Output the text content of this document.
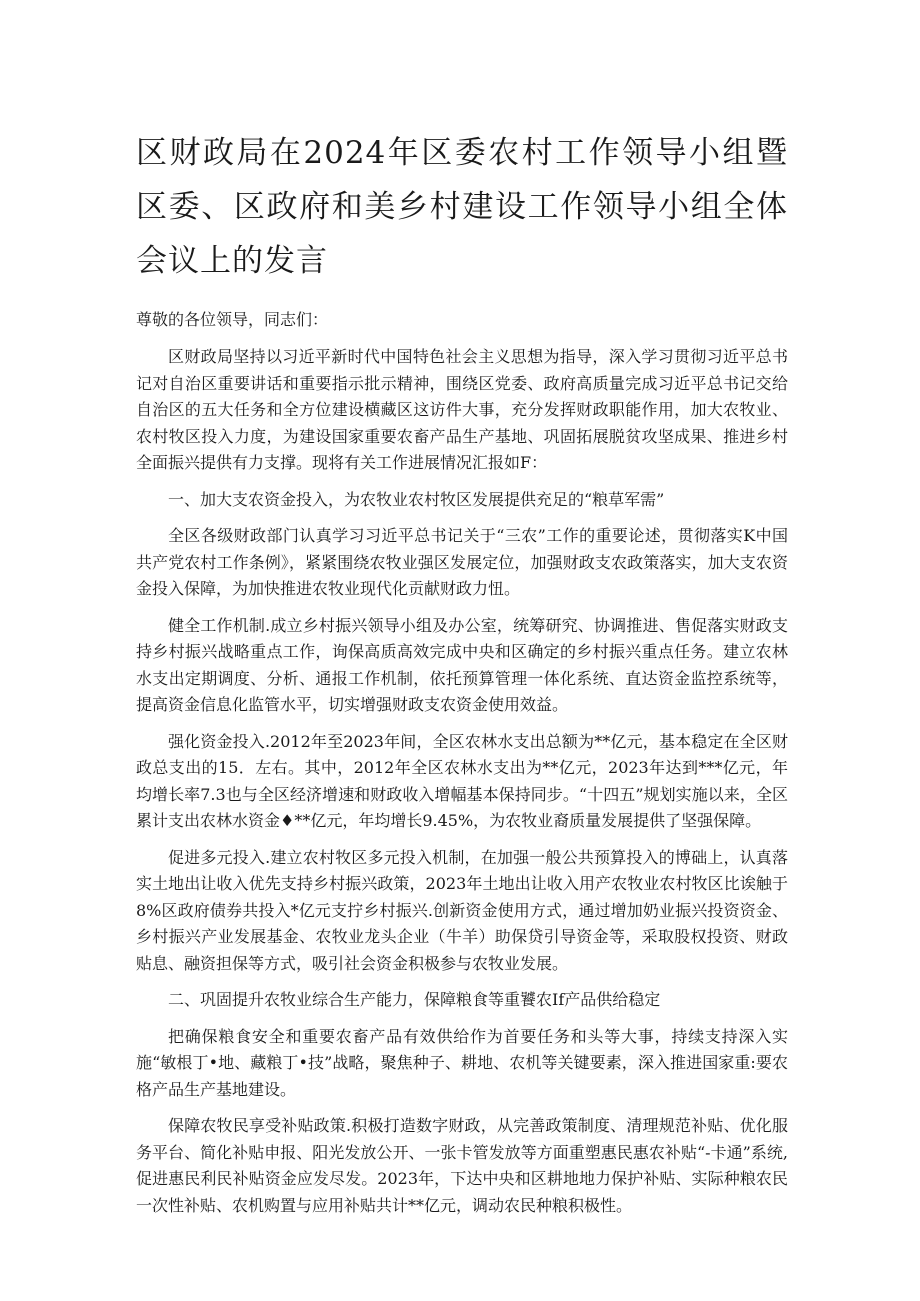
区财政局在2024年区委农村工作领导小组暨区委、区政府和美乡村建设工作领导小组全体会议上的发言

尊敬的各位领导，同志们：

区财政局坚持以习近平新时代中国特色社会主义思想为指导，深入学习贯彻习近平总书记对自治区重要讲话和重要指示批示精神，围绕区党委、政府高质量完成习近平总书记交给自治区的五大任务和全方位建设横藏区这访件大事，充分发挥财政职能作用，加大农牧业、农村牧区投入力度，为建设国家重要农畜产品生产基地、巩固拓展脱贫攻坚成果、推进乡村全面振兴提供有力支撑。现将有关工作进展情况汇报如F：

一、加大支农资金投入，为农牧业农村牧区发展提供充足的“粮草军需”

全区各级财政部门认真学习习近平总书记关于“三农”工作的重要论述，贯彻落实K中国共产党农村工作条例》，紧紧围绕农牧业强区发展定位，加强财政支农政策落实，加大支农资金投入保障，为加快推进农牧业现代化贡献财政力忸。

健全工作机制.成立乡村振兴领导小组及办公室，统筹研究、协调推进、售促落实财政支持乡村振兴战略重点工作，询保高质高效完成中央和区确定的乡村振兴重点任务。建立农林水支出定期调度、分析、通报工作机制，依托预算管理一体化系统、直达资金监控系统等，提高资金信息化监管水平，切实增强财政支农资金使用效益。

强化资金投入.2012年至2023年间，全区农林水支出总额为**亿元，基本稳定在全区财政总支出的15．左右。其中，2012年全区农林水支出为**亿元，2023年达到***亿元，年均增长率7.3也与全区经济增速和财政收入增幅基本保持同步。“十四五”规划实施以来，全区累计支出农林水资金♦**亿元，年均增长9.45%，为农牧业裔质量发展提供了坚强保障。

促进多元投入.建立农村牧区多元投入机制，在加强一般公共预算投入的博础上，认真落实土地出让收入优先支持乡村振兴政策，2023年土地出让收入用产农牧业农村牧区比诶触于8%区政府债券共投入*亿元支拧乡村振兴.创新资金使用方式，通过增加奶业振兴投资资金、乡村振兴产业发展基金、农牧业龙头企业（牛羊）助保贷引导资金等，采取股权投资、财政贴息、融资担保等方式，吸引社会资金积极参与农牧业发展。

二、巩固提升农牧业综合生产能力，保障粮食等重饕农If产品供给稳定

把确保粮食安全和重要农畜产品有效供给作为首要任务和头等大事，持续支持深入实施“敏根丁•地、藏粮丁•技”战略，聚焦种子、耕地、农机等关键要素，深入推进国家重:要农格产品生产基地建设。

保障农牧民享受补贴政策.积极打造数字财政，从完善政策制度、清理规范补贴、优化服务平台、简化补贴申报、阳光发放公开、一张卡管发放等方面重塑惠民惠农补贴“-卡通”系统,促进惠民利民补贴资金应发尽发。2023年，下达中央和区耕地地力保护补贴、实际种粮农民一次性补贴、农机购置与应用补贴共计**亿元，调动农民种粮积极性。
